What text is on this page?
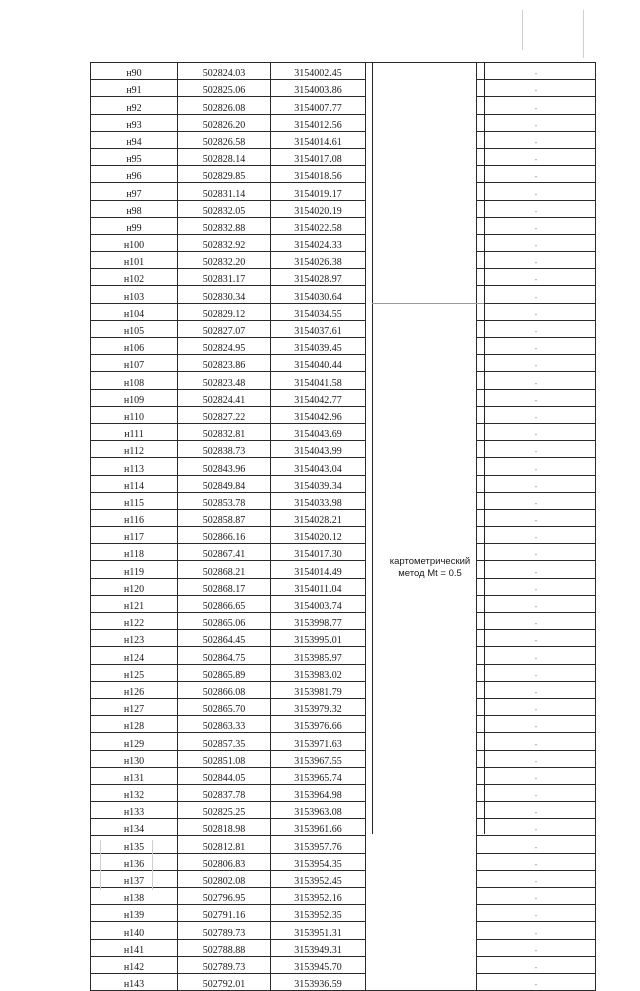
н90	502824.03	3154002.45		-
н91	502825.06	3154003.86		-
н92	502826.08	3154007.77		-
н93	502826.20	3154012.56		-
н94	502826.58	3154014.61		-
н95	502828.14	3154017.08		-
н96	502829.85	3154018.56		-
н97	502831.14	3154019.17		-
н98	502832.05	3154020.19		-
н99	502832.88	3154022.58		-
н100	502832.92	3154024.33		-
н101	502832.20	3154026.38		-
н102	502831.17	3154028.97		-
н103	502830.34	3154030.64		-
н104	502829.12	3154034.55		-
н105	502827.07	3154037.61		-
н106	502824.95	3154039.45		-
н107	502823.86	3154040.44		-
н108	502823.48	3154041.58		-
н109	502824.41	3154042.77		-
н110	502827.22	3154042.96		-
н111	502832.81	3154043.69		-
н112	502838.73	3154043.99		-
н113	502843.96	3154043.04		-
н114	502849.84	3154039.34		-
н115	502853.78	3154033.98		-
н116	502858.87	3154028.21		-
н117	502866.16	3154020.12		-
н118	502867.41	3154017.30		-
н119	502868.21	3154014.49		-
н120	502868.17	3154011.04		-
н121	502866.65	3154003.74		-
н122	502865.06	3153998.77		-
н123	502864.45	3153995.01		-
н124	502864.75	3153985.97		-
н125	502865.89	3153983.02		-
н126	502866.08	3153981.79		-
н127	502865.70	3153979.32		-
н128	502863.33	3153976.66		-
н129	502857.35	3153971.63		-
н130	502851.08	3153967.55		-
н131	502844.05	3153965.74		-
н132	502837.78	3153964.98		-
н133	502825.25	3153963.08		-
н134	502818.98	3153961.66		-
н135	502812.81	3153957.76		-
н136	502806.83	3153954.35		-
н137	502802.08	3153952.45		-
н138	502796.95	3153952.16		-
н139	502791.16	3153952.35		-
н140	502789.73	3153951.31		-
н141	502788.88	3153949.31		-
н142	502789.73	3153945.70		-
н143	502792.01	3153936.59		-
картометрический
метод Mt = 0.5
